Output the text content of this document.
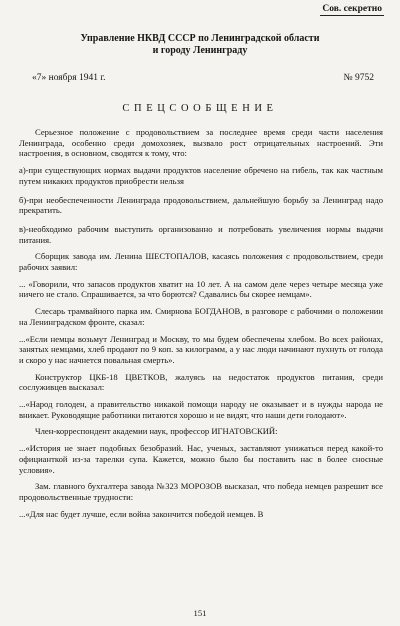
Сов. секретно
Управление НКВД СССР по Ленинградской области
и городу Ленинграду
«7» ноября 1941 г.	№ 9752
СПЕЦСООБЩЕНИЕ

Серьезное положение с продовольствием за последнее время среди части населения Ленинграда, особенно среди домохозяек, вызвало рост отрицательных настроений. Эти настроения, в основном, сводятся к тому, что:

а)-при существующих нормах выдачи продуктов население обречено на гибель, так как частным путем никаких продуктов приобрести нельзя

б)-при необеспеченности Ленинграда продовольствием, дальнейшую борьбу за Ленинград надо прекратить.

в)-необходимо рабочим выступить организованно и потребовать увеличения нормы выдачи питания.

Сборщик завода им. Ленина ШЕСТОПАЛОВ, касаясь положения с продовольствием, среди рабочих заявил:

... «Говорили, что запасов продуктов хватит на 10 лет. А на самом деле через четыре месяца уже ничего не стало. Спрашивается, за что борются? Сдавались бы скорее немцам».

Слесарь трамвайного парка им. Смирнова БОГДАНОВ, в разговоре с рабочими о положении на Ленинградском фронте, сказал:

...«Если немцы возьмут Ленинград и Москву, то мы будем обеспечены хлебом. Во всех районах, занятых немцами, хлеб продают по 9 коп. за килограмм, а у нас люди начинают пухнуть от голода и скоро у нас начнется повальная смерть».

Конструктор ЦКБ-18 ЦВЕТКОВ, жалуясь на недостаток продуктов питания, среди сослуживцев высказал:

...«Народ голоден, а правительство никакой помощи народу не оказывает и в нужды народа не вникает. Руководящие работники питаются хорошо и не видят, что наши дети голодают».

Член-корреспондент академии наук, профессор ИГНАТОВСКИЙ:

...«История не знает подобных безобразий. Нас, ученых, заставляют унижаться перед какой-то официанткой из-за тарелки супа. Кажется, можно было бы поставить нас в более сносные условия».

Зам. главного бухгалтера завода №323 МОРОЗОВ высказал, что победа немцев разрешит все продовольственные трудности:

...«Для нас будет лучше, если война закончится победой немцев. В

151
